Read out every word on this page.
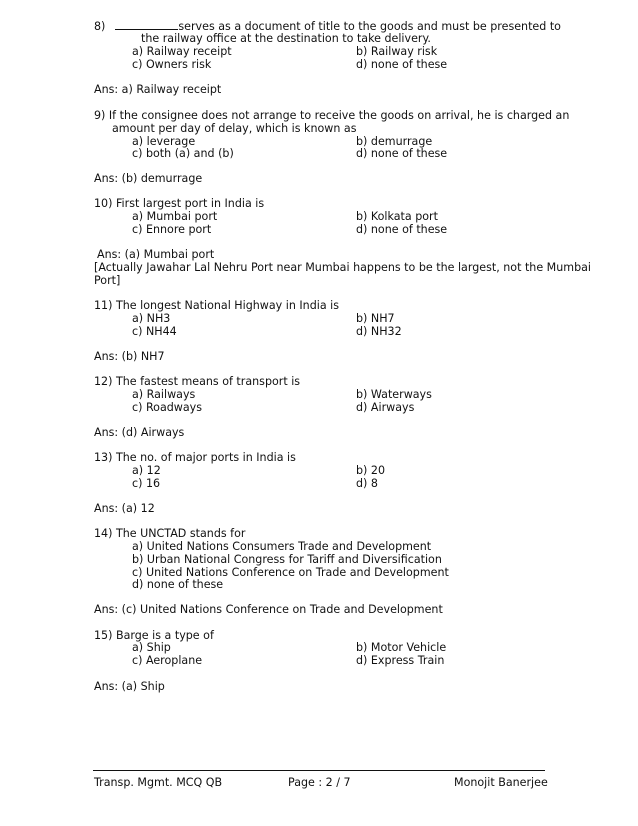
8)	serves as a document of title to the goods and must be presented to
the railway office at the destination to take delivery.
a) Railway receipt	b) Railway risk
c) Owners risk	d) none of these
Ans: a) Railway receipt
9) If the consignee does not arrange to receive the goods on arrival, he is charged an
amount per day of delay, which is known as
a) leverage	b) demurrage
c) both (a) and (b)	d) none of these
Ans: (b) demurrage
10) First largest port in India is
a) Mumbai port	b) Kolkata port
c) Ennore port	d) none of these
Ans: (a) Mumbai port
[Actually Jawahar Lal Nehru Port near Mumbai happens to be the largest, not the Mumbai
Port]
11) The longest National Highway in India is
a) NH3	b) NH7
c) NH44	d) NH32
Ans: (b) NH7
12) The fastest means of transport is
a) Railways	b) Waterways
c) Roadways	d) Airways
Ans: (d) Airways
13) The no. of major ports in India is
a) 12	b) 20
c) 16	d) 8
Ans: (a) 12
14) The UNCTAD stands for
a) United Nations Consumers Trade and Development
b) Urban National Congress for Tariff and Diversification
c) United Nations Conference on Trade and Development
d) none of these
Ans: (c) United Nations Conference on Trade and Development
15) Barge is a type of
a) Ship	b) Motor Vehicle
c) Aeroplane	d) Express Train
Ans: (a) Ship
Transp. Mgmt. MCQ QB	Page : 2 / 7	Monojit Banerjee
